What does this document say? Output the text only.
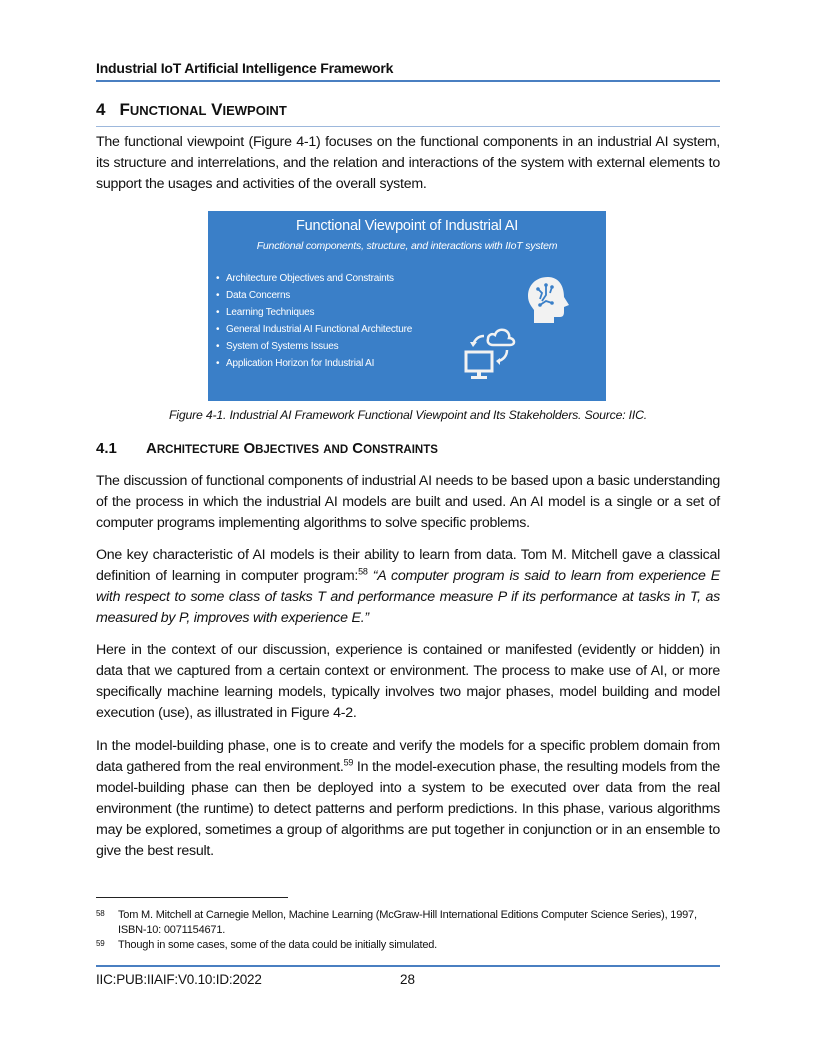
Industrial IoT Artificial Intelligence Framework
4 FUNCTIONAL VIEWPOINT

The functional viewpoint (Figure 4-1) focuses on the functional components in an industrial AI system, its structure and interrelations, and the relation and interactions of the system with external elements to support the usages and activities of the overall system.

Functional Viewpoint of Industrial AI
Functional components, structure, and interactions with IIoT system
• Architecture Objectives and Constraints
• Data Concerns
• Learning Techniques
• General Industrial AI Functional Architecture
• System of Systems Issues
• Application Horizon for Industrial AI
Figure 4-1. Industrial AI Framework Functional Viewpoint and Its Stakeholders. Source: IIC.
4.1 ARCHITECTURE OBJECTIVES AND CONSTRAINTS

The discussion of functional components of industrial AI needs to be based upon a basic understanding of the process in which the industrial AI models are built and used. An AI model is a single or a set of computer programs implementing algorithms to solve specific problems.

One key characteristic of AI models is their ability to learn from data. Tom M. Mitchell gave a classical definition of learning in computer program:$^{58}$ “A computer program is said to learn from experience E with respect to some class of tasks T and performance measure P if its performance at tasks in T, as measured by P, improves with experience E.”

Here in the context of our discussion, experience is contained or manifested (evidently or hidden) in data that we captured from a certain context or environment. The process to make use of AI, or more specifically machine learning models, typically involves two major phases, model building and model execution (use), as illustrated in Figure 4-2.

In the model-building phase, one is to create and verify the models for a specific problem domain from data gathered from the real environment.$^{59}$ In the model-execution phase, the resulting models from the model-building phase can then be deployed into a system to be executed over data from the real environment (the runtime) to detect patterns and perform predictions. In this phase, various algorithms may be explored, sometimes a group of algorithms are put together in conjunction or in an ensemble to give the best result.

58 Tom M. Mitchell at Carnegie Mellon, Machine Learning (McGraw-Hill International Editions Computer Science Series), 1997, ISBN-10: 0071154671.
59 Though in some cases, some of the data could be initially simulated.
IIC:PUB:IIAIF:V0.10:ID:2022	28
